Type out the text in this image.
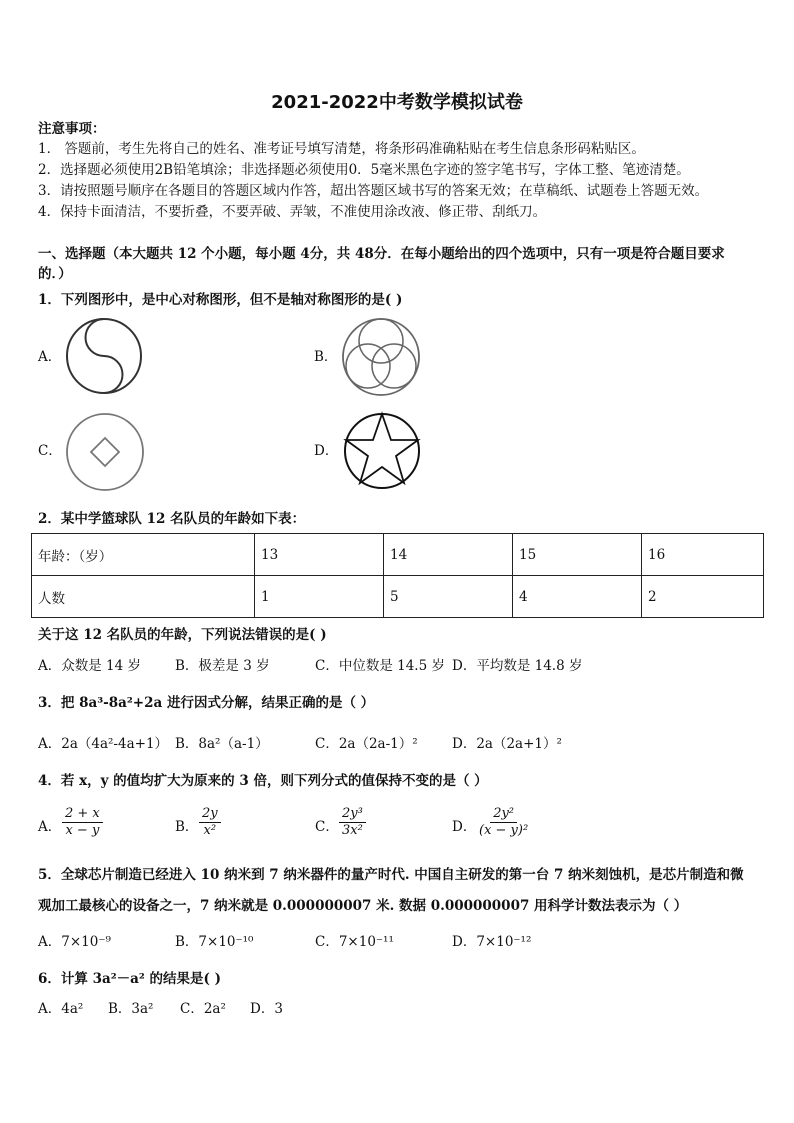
2021-2022中考数学模拟试卷
注意事项：
1． 答题前，考生先将自己的姓名、准考证号填写清楚，将条形码准确粘贴在考生信息条形码粘贴区。
2．选择题必须使用2B铅笔填涂；非选择题必须使用0．5毫米黑色字迹的签字笔书写，字体工整、笔迹清楚。
3．请按照题号顺序在各题目的答题区域内作答，超出答题区域书写的答案无效；在草稿纸、试题卷上答题无效。
4．保持卡面清洁，不要折叠，不要弄破、弄皱，不准使用涂改液、修正带、刮纸刀。
一、选择题（本大题共 12 个小题，每小题 4分，共 48分．在每小题给出的四个选项中，只有一项是符合题目要求
的．）
1．下列图形中，是中心对称图形，但不是轴对称图形的是( )
A．	B．
C．	D．
2．某中学篮球队 12 名队员的年龄如下表：
年龄：（岁）	13	14	15	16
人数	1	5	4	2
关于这 12 名队员的年龄，下列说法错误的是( )
A．众数是 14 岁	B．极差是 3 岁	C．中位数是 14.5 岁 D．平均数是 14.8 岁
3．把 8a³-8a²+2a 进行因式分解，结果正确的是（ ）
A．2a（4a²-4a+1） B．8a²（a-1）	C．2a（2a-1）²	D．2a（2a+1）²
4．若 x，y 的值均扩大为原来的 3 倍，则下列分式的值保持不变的是（ ）
A． $\frac{2 + x}{x - y}$	B． $\frac{2y}{\text{x²}}$	C． $\frac{\text{2y³}}{\text{3x²}}$	D． $\frac{\text{2y²}}{\text{(x − y)²}}$
5．全球芯片制造已经进入 10 纳米到 7 纳米器件的量产时代. 中国自主研发的第一台 7 纳米刻蚀机，是芯片制造和微
观加工最核心的设备之一，7 纳米就是 0.000000007 米. 数据 0.000000007 用科学计数法表示为（ ）
A．7×10⁻⁹	B．7×10⁻¹⁰	C．7×10⁻¹¹	D．7×10⁻¹²
6．计算 3a²－a² 的结果是( )
A．4a² B．3a² C．2a² D．3
